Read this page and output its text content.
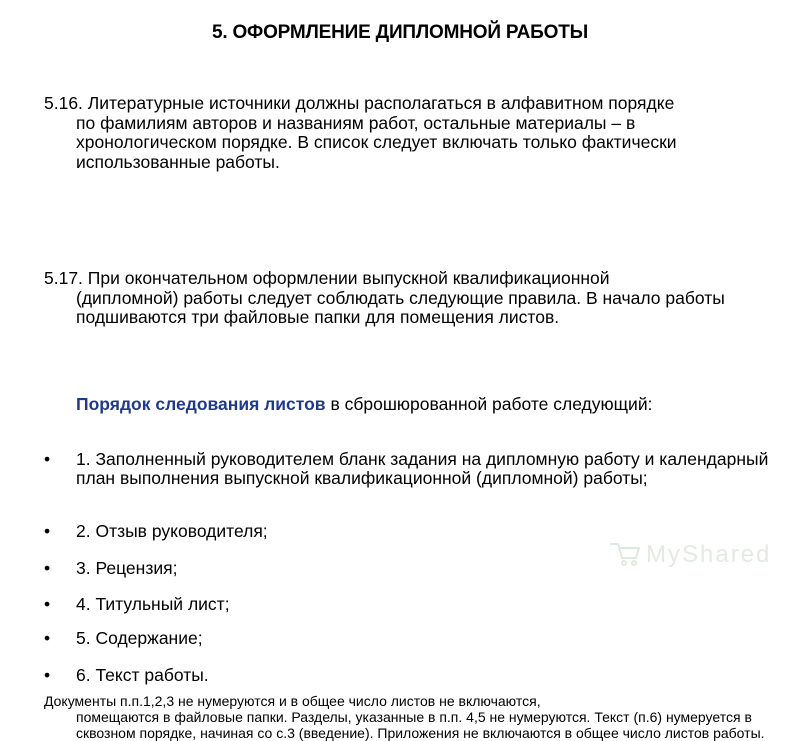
MyShared
5. ОФОРМЛЕНИЕ ДИПЛОМНОЙ РАБОТЫ
5.16. Литературные источники должны располагаться в алфавитном порядке
по фамилиям авторов и названиям работ, остальные материалы – в хронологическом порядке. В список следует включать только фактически использованные работы.
5.17. При окончательном оформлении выпускной квалификационной
(дипломной) работы следует соблюдать следующие правила. В начало работы подшиваются три файловые папки для помещения листов.
Порядок следования листов в сброшюрованной работе следующий:
•	1. Заполненный руководителем бланк задания на дипломную работу и календарный план выполнения выпускной квалификационной (дипломной) работы;
•	2. Отзыв руководителя;
•	3. Рецензия;
•	4. Титульный лист;
•	5. Содержание;
•	6. Текст работы.
Документы п.п.1,2,3 не нумеруются и в общее число листов не включаются,
помещаются в файловые папки. Разделы, указанные в п.п. 4,5 не нумеруются. Текст (п.6) нумеруется в сквозном порядке, начиная со с.3 (введение). Приложения не включаются в общее число листов работы.
